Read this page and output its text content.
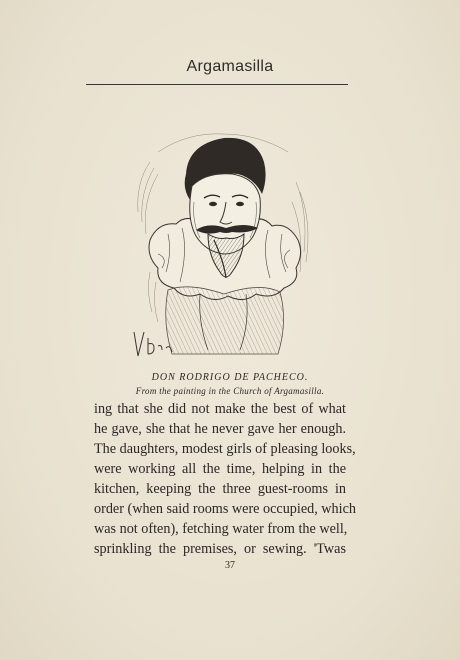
Argamasilla
DON RODRIGO DE PACHECO.
From the painting in the Church of Argamasilla.
ing that she did not make the best of what
he gave, she that he never gave her enough.
The daughters, modest girls of pleasing looks,
were working all the time, helping in the
kitchen, keeping the three guest-rooms in
order (when said rooms were occupied, which
was not often), fetching water from the well,
sprinkling the premises, or sewing. 'Twas
37
